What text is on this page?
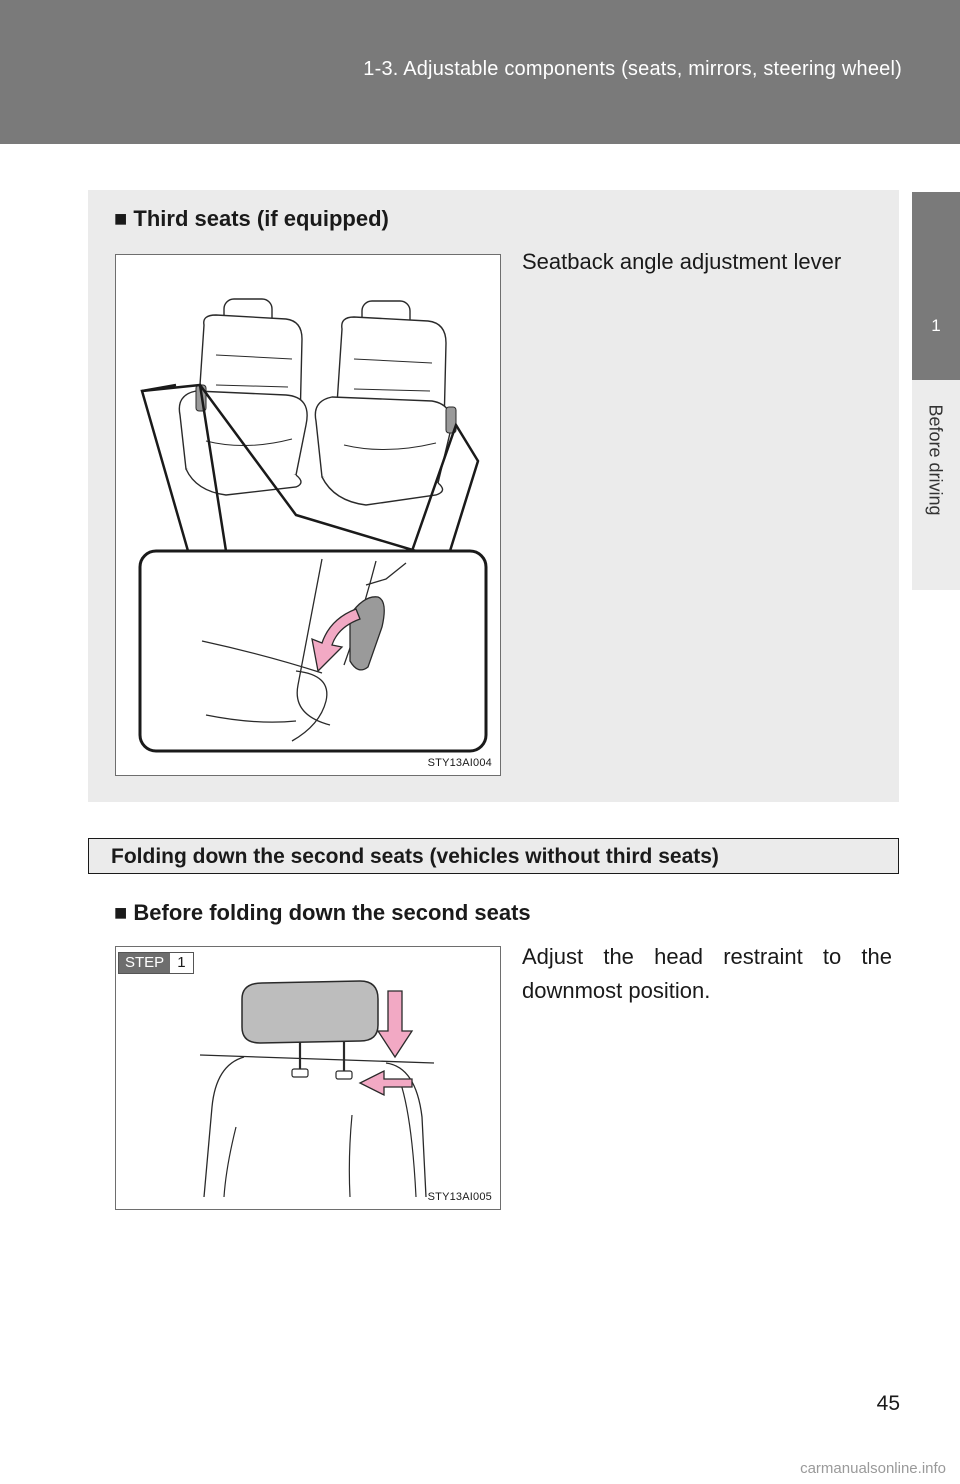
1-3. Adjustable components (seats, mirrors, steering wheel)
1
Before driving
■ Third seats (if equipped)
STY13AI004
Seatback angle adjustment lever
Folding down the second seats (vehicles without third seats)
■ Before folding down the second seats
STY13AI005
STEP 1	Adjust the head restraint to the downmost position.
45
carmanualsonline.info
